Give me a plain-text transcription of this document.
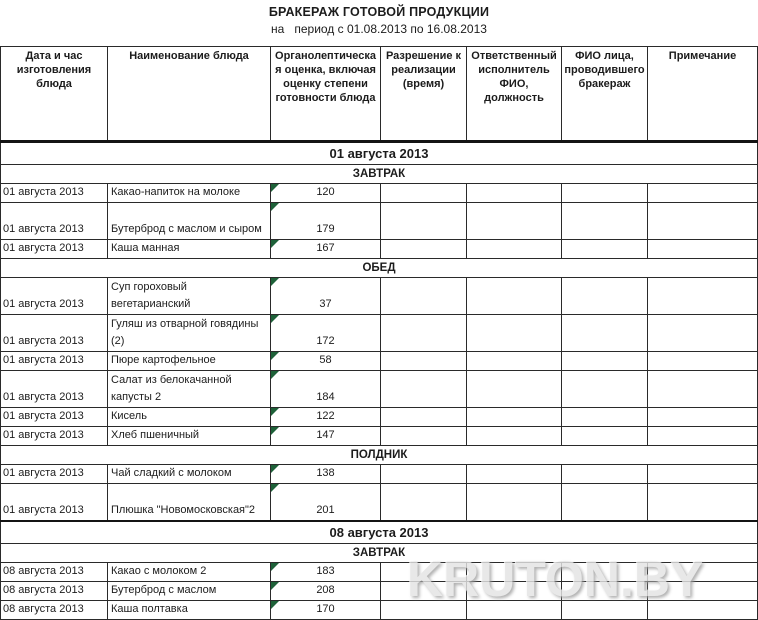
БРАКЕРАЖ ГОТОВОЙ ПРОДУКЦИИ
на   период с 01.08.2013 по 16.08.2013
Дата и час изготовления блюда	Наименование блюда	Органолептическая оценка, включая оценку степени готовности блюда	Разрешение к реализации (время)	Ответственный исполнитель ФИО, должность	ФИО лица, проводившего бракераж	Примечание
01 августа 2013						
ЗАВТРАК						
01 августа 2013	Какао-напиток на молоке	120				
01 августа 2013	Бутерброд с маслом и сыром	179				
01 августа 2013	Каша манная	167				
ОБЕД						
01 августа 2013	Суп гороховый вегетарианский	37				
01 августа 2013	Гуляш из отварной говядины (2)	172				
01 августа 2013	Пюре картофельное	58				
01 августа 2013	Салат из белокачанной капусты 2	184				
01 августа 2013	Кисель	122				
01 августа 2013	Хлеб пшеничный	147				
ПОЛДНИК						
01 августа 2013	Чай сладкий с молоком	138				
01 августа 2013	Плюшка "Новомосковская"2	201				
08 августа 2013						
ЗАВТРАК						
08 августа 2013	Какао с молоком 2	183				
08 августа 2013	Бутерброд с маслом	208				
08 августа 2013	Каша полтавка	170				
KRUTON.BY
